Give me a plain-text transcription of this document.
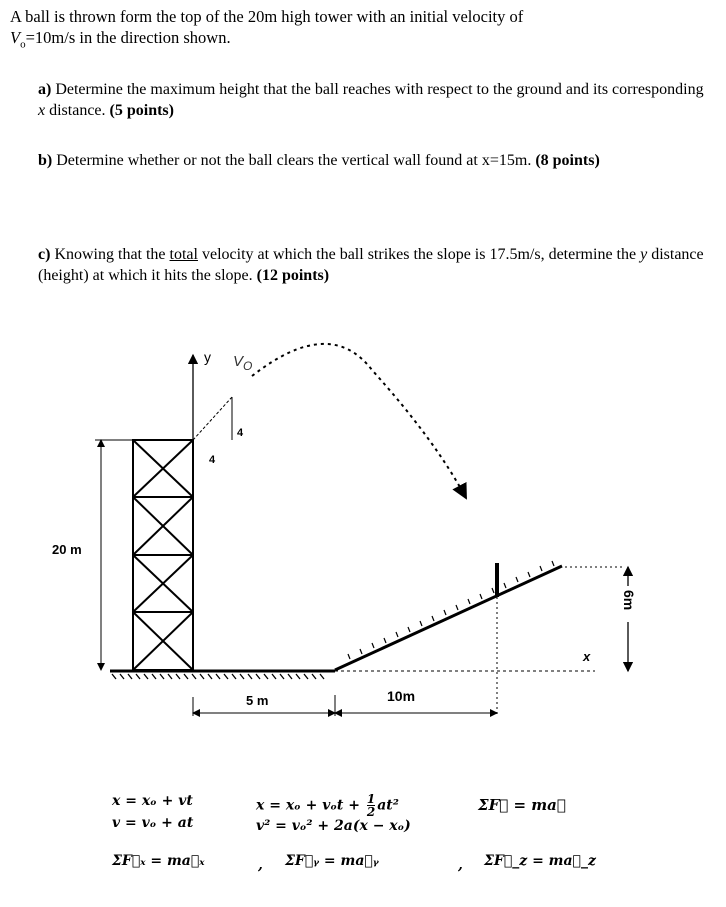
A ball is thrown form the top of the 20m high tower with an initial velocity of
$V_o=10m/s$ in the direction shown.
a) Determine the maximum height that the ball reaches with respect to the ground and its corresponding x distance. (5 points)
b) Determine whether or not the ball clears the vertical wall found at x=15m. (8 points)
c) Knowing that the total velocity at which the ball strikes the slope is 17.5m/s, determine the y distance (height) at which it hits the slope. (12 points)
y $V_O$
4
4
20 m
x
6m
5 m	10m
x = xₒ + vt
v = vₒ + at
$x = x_o + v_ot + \frac{1}{2} at^2$
v² = vₒ² + 2a(x − xₒ)
ΣF⃗ = ma⃗
ΣF⃗ₓ = ma⃗ₓ	, ΣF⃗ᵧ = ma⃗ᵧ	, ΣF⃗_z = ma⃗_z
